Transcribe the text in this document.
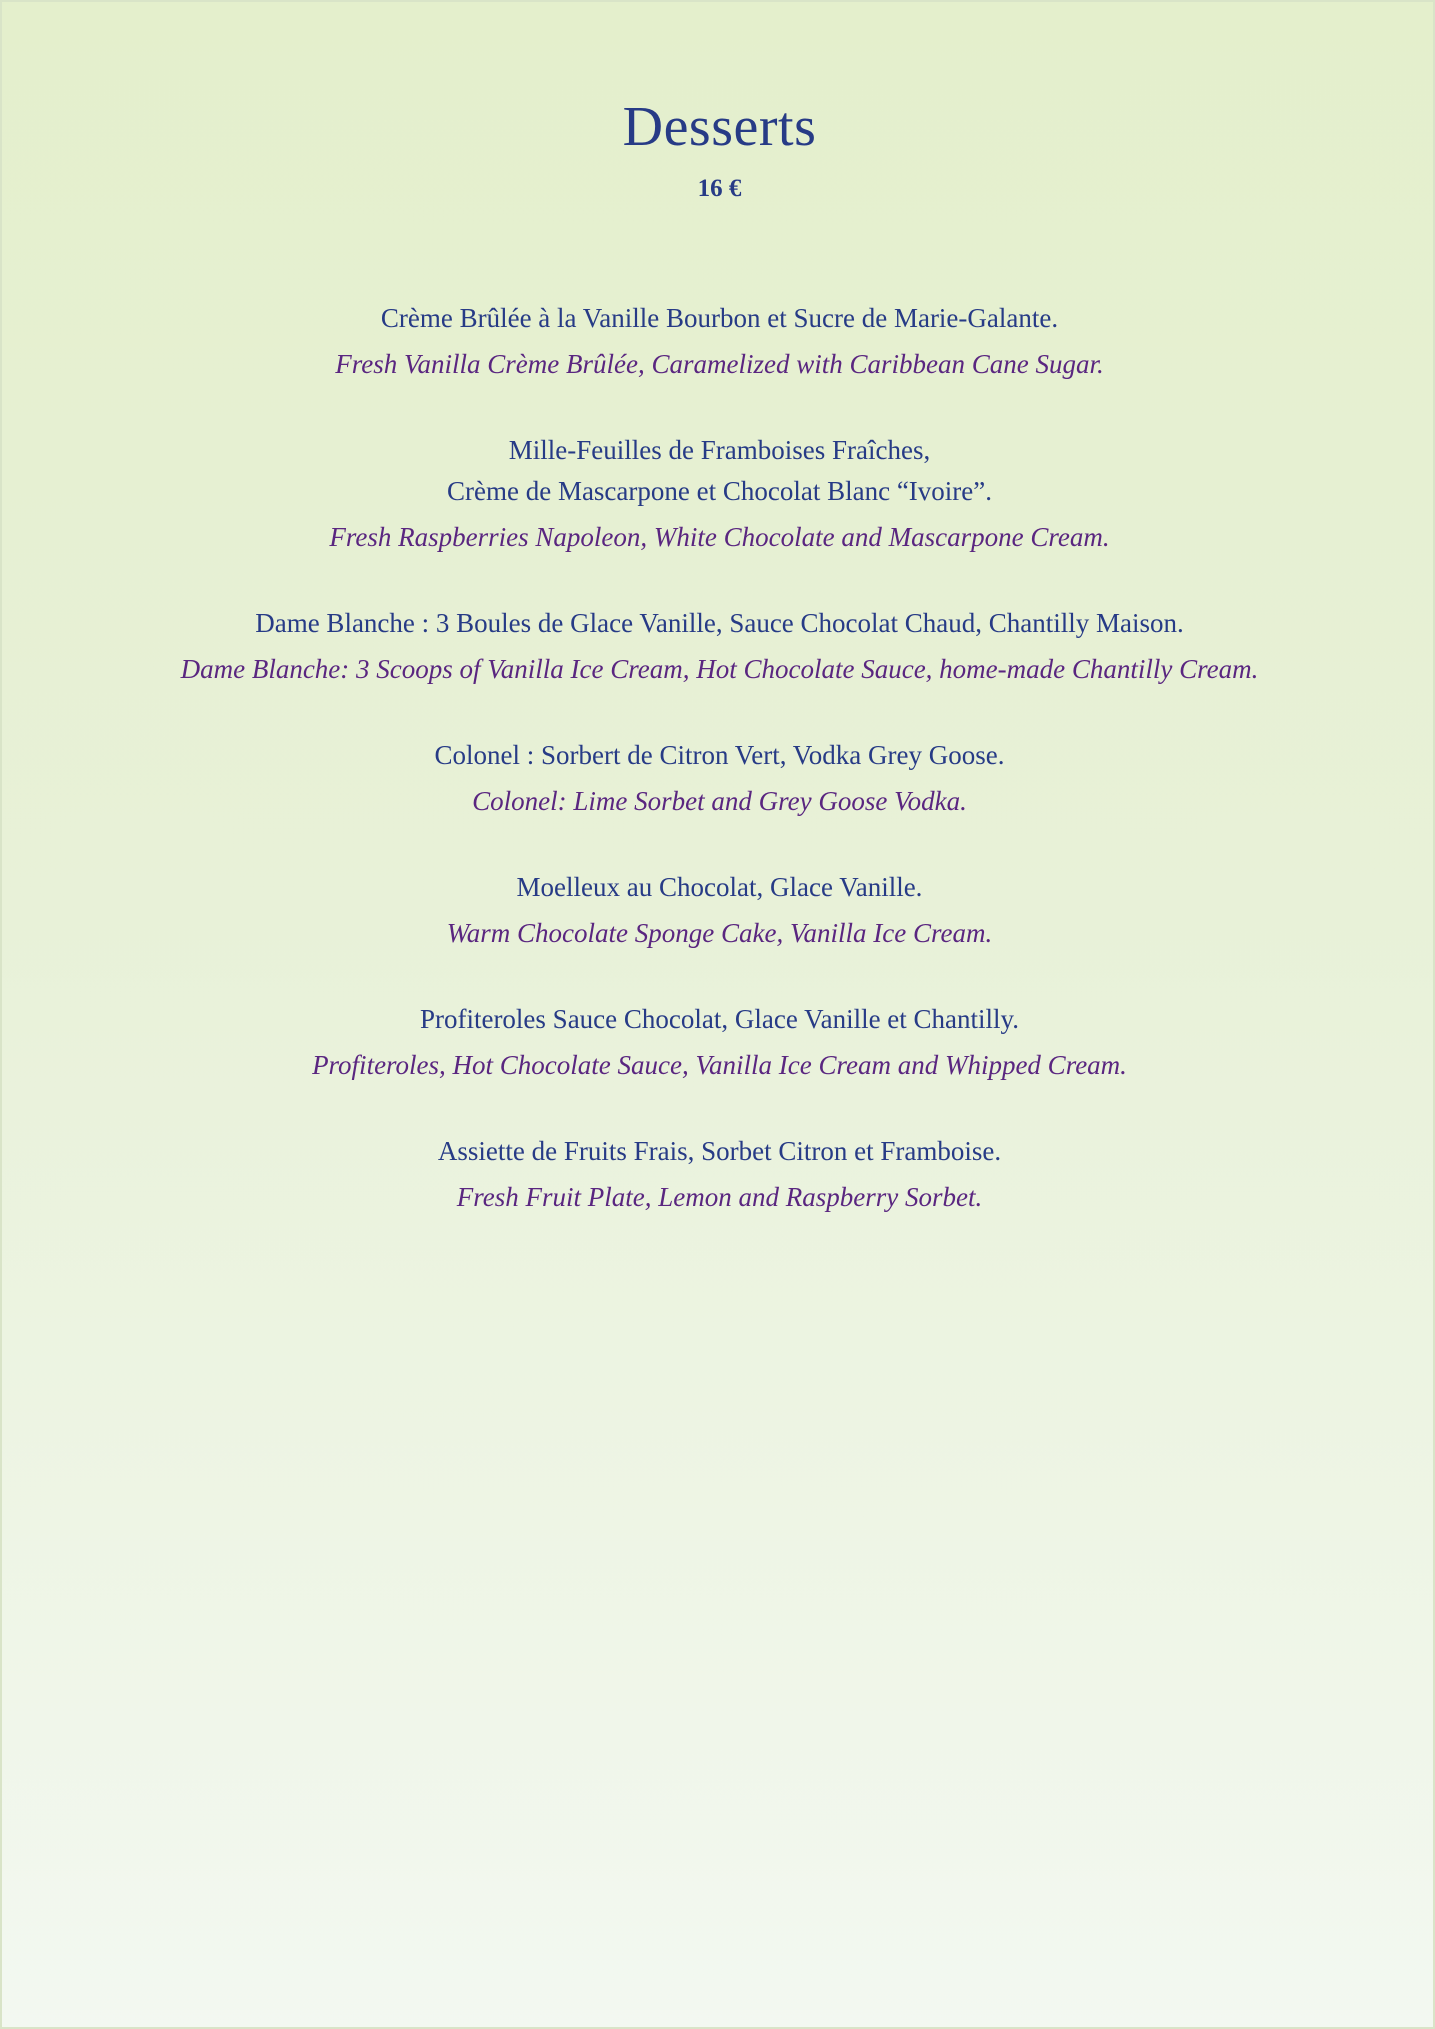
Desserts
16 €
Crème Brûlée à la Vanille Bourbon et Sucre de Marie-Galante.
Fresh Vanilla Crème Brûlée, Caramelized with Caribbean Cane Sugar.
Mille-Feuilles de Framboises Fraîches,
Crème de Mascarpone et Chocolat Blanc “Ivoire”.
Fresh Raspberries Napoleon, White Chocolate and Mascarpone Cream.
Dame Blanche : 3 Boules de Glace Vanille, Sauce Chocolat Chaud, Chantilly Maison.
Dame Blanche: 3 Scoops of Vanilla Ice Cream, Hot Chocolate Sauce, home-made Chantilly Cream.
Colonel : Sorbert de Citron Vert, Vodka Grey Goose.
Colonel: Lime Sorbet and Grey Goose Vodka.
Moelleux au Chocolat, Glace Vanille.
Warm Chocolate Sponge Cake, Vanilla Ice Cream.
Profiteroles Sauce Chocolat, Glace Vanille et Chantilly.
Profiteroles, Hot Chocolate Sauce, Vanilla Ice Cream and Whipped Cream.
Assiette de Fruits Frais, Sorbet Citron et Framboise.
Fresh Fruit Plate, Lemon and Raspberry Sorbet.
